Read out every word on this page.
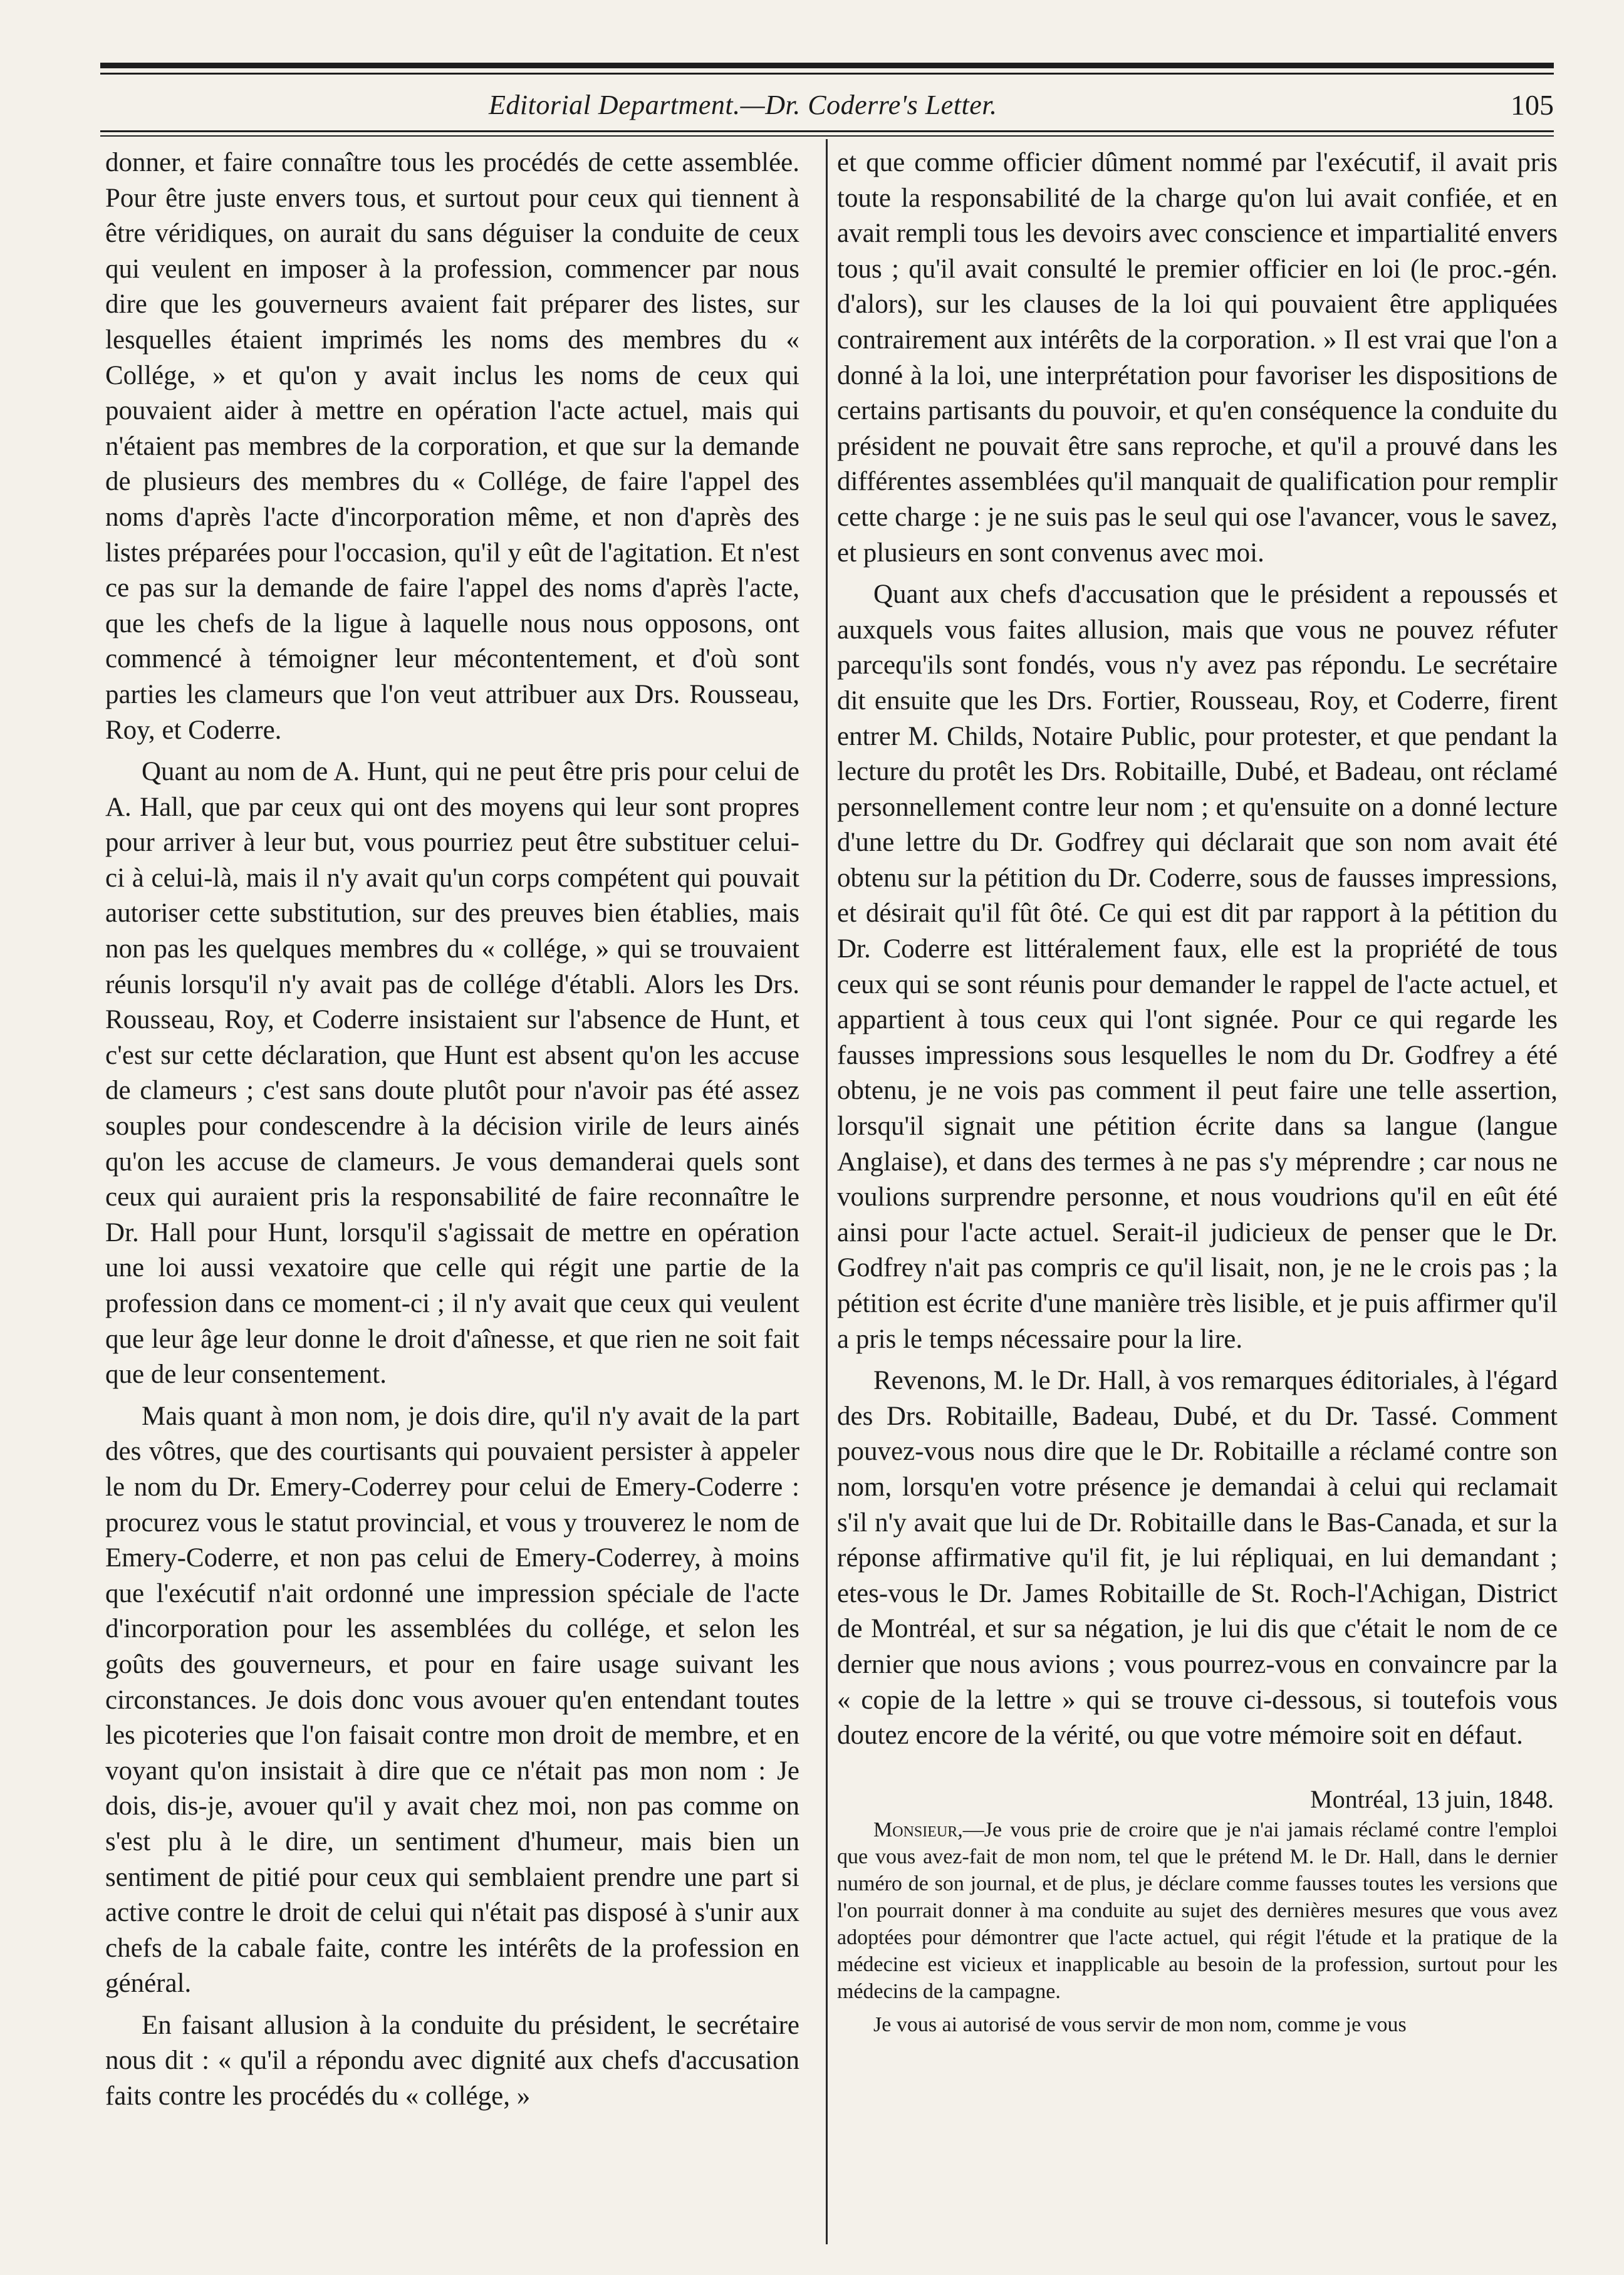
Editorial Department.—Dr. Coderre's Letter.	105

donner, et faire connaître tous les procédés de cette assemblée. Pour être juste envers tous, et surtout pour ceux qui tiennent à être véridiques, on aurait du sans déguiser la conduite de ceux qui veulent en imposer à la profession, commencer par nous dire que les gouverneurs avaient fait préparer des listes, sur lesquelles étaient imprimés les noms des membres du « Collége, » et qu'on y avait inclus les noms de ceux qui pouvaient aider à mettre en opération l'acte actuel, mais qui n'étaient pas membres de la corporation, et que sur la demande de plusieurs des membres du « Collége, de faire l'appel des noms d'après l'acte d'incorporation même, et non d'après des listes préparées pour l'occasion, qu'il y eût de l'agitation. Et n'est ce pas sur la demande de faire l'appel des noms d'après l'acte, que les chefs de la ligue à laquelle nous nous opposons, ont commencé à témoigner leur mécontentement, et d'où sont parties les clameurs que l'on veut attribuer aux Drs. Rousseau, Roy, et Coderre.

Quant au nom de A. Hunt, qui ne peut être pris pour celui de A. Hall, que par ceux qui ont des moyens qui leur sont propres pour arriver à leur but, vous pourriez peut être substituer celui-ci à celui-là, mais il n'y avait qu'un corps compétent qui pouvait autoriser cette substitution, sur des preuves bien établies, mais non pas les quelques membres du « collége, » qui se trouvaient réunis lorsqu'il n'y avait pas de collége d'établi. Alors les Drs. Rousseau, Roy, et Coderre insistaient sur l'absence de Hunt, et c'est sur cette déclaration, que Hunt est absent qu'on les accuse de clameurs ; c'est sans doute plutôt pour n'avoir pas été assez souples pour condescendre à la décision virile de leurs ainés qu'on les accuse de clameurs. Je vous demanderai quels sont ceux qui auraient pris la responsabilité de faire reconnaître le Dr. Hall pour Hunt, lorsqu'il s'agissait de mettre en opération une loi aussi vexatoire que celle qui régit une partie de la profession dans ce moment-ci ; il n'y avait que ceux qui veulent que leur âge leur donne le droit d'aînesse, et que rien ne soit fait que de leur consentement.

Mais quant à mon nom, je dois dire, qu'il n'y avait de la part des vôtres, que des courtisants qui pouvaient persister à appeler le nom du Dr. Emery-Coderrey pour celui de Emery-Coderre : procurez vous le statut provincial, et vous y trouverez le nom de Emery-Coderre, et non pas celui de Emery-Coderrey, à moins que l'exécutif n'ait ordonné une impression spéciale de l'acte d'incorporation pour les assemblées du collége, et selon les goûts des gouverneurs, et pour en faire usage suivant les circonstances. Je dois donc vous avouer qu'en entendant toutes les picoteries que l'on faisait contre mon droit de membre, et en voyant qu'on insistait à dire que ce n'était pas mon nom : Je dois, dis-je, avouer qu'il y avait chez moi, non pas comme on s'est plu à le dire, un sentiment d'humeur, mais bien un sentiment de pitié pour ceux qui semblaient prendre une part si active contre le droit de celui qui n'était pas disposé à s'unir aux chefs de la cabale faite, contre les intérêts de la profession en général.

En faisant allusion à la conduite du président, le secrétaire nous dit : « qu'il a répondu avec dignité aux chefs d'accusation faits contre les procédés du « collége, »

et que comme officier dûment nommé par l'exécutif, il avait pris toute la responsabilité de la charge qu'on lui avait confiée, et en avait rempli tous les devoirs avec conscience et impartialité envers tous ; qu'il avait consulté le premier officier en loi (le proc.-gén. d'alors), sur les clauses de la loi qui pouvaient être appliquées contrairement aux intérêts de la corporation. » Il est vrai que l'on a donné à la loi, une interprétation pour favoriser les dispositions de certains partisants du pouvoir, et qu'en conséquence la conduite du président ne pouvait être sans reproche, et qu'il a prouvé dans les différentes assemblées qu'il manquait de qualification pour remplir cette charge : je ne suis pas le seul qui ose l'avancer, vous le savez, et plusieurs en sont convenus avec moi.

Quant aux chefs d'accusation que le président a repoussés et auxquels vous faites allusion, mais que vous ne pouvez réfuter parcequ'ils sont fondés, vous n'y avez pas répondu. Le secrétaire dit ensuite que les Drs. Fortier, Rousseau, Roy, et Coderre, firent entrer M. Childs, Notaire Public, pour protester, et que pendant la lecture du protêt les Drs. Robitaille, Dubé, et Badeau, ont réclamé personnellement contre leur nom ; et qu'ensuite on a donné lecture d'une lettre du Dr. Godfrey qui déclarait que son nom avait été obtenu sur la pétition du Dr. Coderre, sous de fausses impressions, et désirait qu'il fût ôté. Ce qui est dit par rapport à la pétition du Dr. Coderre est littéralement faux, elle est la propriété de tous ceux qui se sont réunis pour demander le rappel de l'acte actuel, et appartient à tous ceux qui l'ont signée. Pour ce qui regarde les fausses impressions sous lesquelles le nom du Dr. Godfrey a été obtenu, je ne vois pas comment il peut faire une telle assertion, lorsqu'il signait une pétition écrite dans sa langue (langue Anglaise), et dans des termes à ne pas s'y méprendre ; car nous ne voulions surprendre personne, et nous voudrions qu'il en eût été ainsi pour l'acte actuel. Serait-il judicieux de penser que le Dr. Godfrey n'ait pas compris ce qu'il lisait, non, je ne le crois pas ; la pétition est écrite d'une manière très lisible, et je puis affirmer qu'il a pris le temps nécessaire pour la lire.

Revenons, M. le Dr. Hall, à vos remarques éditoriales, à l'égard des Drs. Robitaille, Badeau, Dubé, et du Dr. Tassé. Comment pouvez-vous nous dire que le Dr. Robitaille a réclamé contre son nom, lorsqu'en votre présence je demandai à celui qui reclamait s'il n'y avait que lui de Dr. Robitaille dans le Bas-Canada, et sur la réponse affirmative qu'il fit, je lui répliquai, en lui demandant ; etes-vous le Dr. James Robitaille de St. Roch-l'Achigan, District de Montréal, et sur sa négation, je lui dis que c'était le nom de ce dernier que nous avions ; vous pourrez-vous en convaincre par la « copie de la lettre » qui se trouve ci-dessous, si toutefois vous doutez encore de la vérité, ou que votre mémoire soit en défaut.

Montréal, 13 juin, 1848.

Monsieur,—Je vous prie de croire que je n'ai jamais réclamé contre l'emploi que vous avez-fait de mon nom, tel que le prétend M. le Dr. Hall, dans le dernier numéro de son journal, et de plus, je déclare comme fausses toutes les versions que l'on pourrait donner à ma conduite au sujet des dernières mesures que vous avez adoptées pour démontrer que l'acte actuel, qui régit l'étude et la pratique de la médecine est vicieux et inapplicable au besoin de la profession, surtout pour les médecins de la campagne.

Je vous ai autorisé de vous servir de mon nom, comme je vous
